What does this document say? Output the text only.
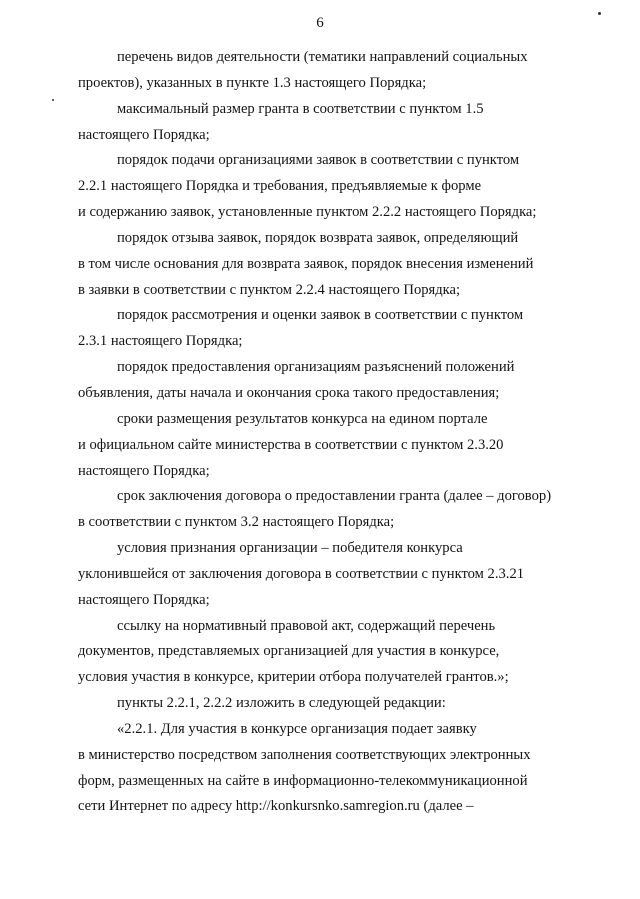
6

перечень видов деятельности (тематики направлений социальных

проектов), указанных в пункте 1.3 настоящего Порядка;

максимальный размер гранта в соответствии с пунктом 1.5

настоящего Порядка;

порядок подачи организациями заявок в соответствии с пунктом

2.2.1 настоящего Порядка и требования, предъявляемые к форме

и содержанию заявок, установленные пунктом 2.2.2 настоящего Порядка;

порядок отзыва заявок, порядок возврата заявок, определяющий

в том числе основания для возврата заявок, порядок внесения изменений

в заявки в соответствии с пунктом 2.2.4 настоящего Порядка;

порядок рассмотрения и оценки заявок в соответствии с пунктом

2.3.1 настоящего Порядка;

порядок предоставления организациям разъяснений положений

объявления, даты начала и окончания срока такого предоставления;

сроки размещения результатов конкурса на едином портале

и официальном сайте министерства в соответствии с пунктом 2.3.20

настоящего Порядка;

срок заключения договора о предоставлении гранта (далее – договор)

в соответствии с пунктом 3.2 настоящего Порядка;

условия признания организации – победителя конкурса

уклонившейся от заключения договора в соответствии с пунктом 2.3.21

настоящего Порядка;

ссылку на нормативный правовой акт, содержащий перечень

документов, представляемых организацией для участия в конкурсе,

условия участия в конкурсе, критерии отбора получателей грантов.»;

пункты 2.2.1, 2.2.2 изложить в следующей редакции:

«2.2.1. Для участия в конкурсе организация подает заявку

в министерство посредством заполнения соответствующих электронных

форм, размещенных на сайте в информационно-телекоммуникационной

сети Интернет по адресу http://konkursnko.samregion.ru (далее –
